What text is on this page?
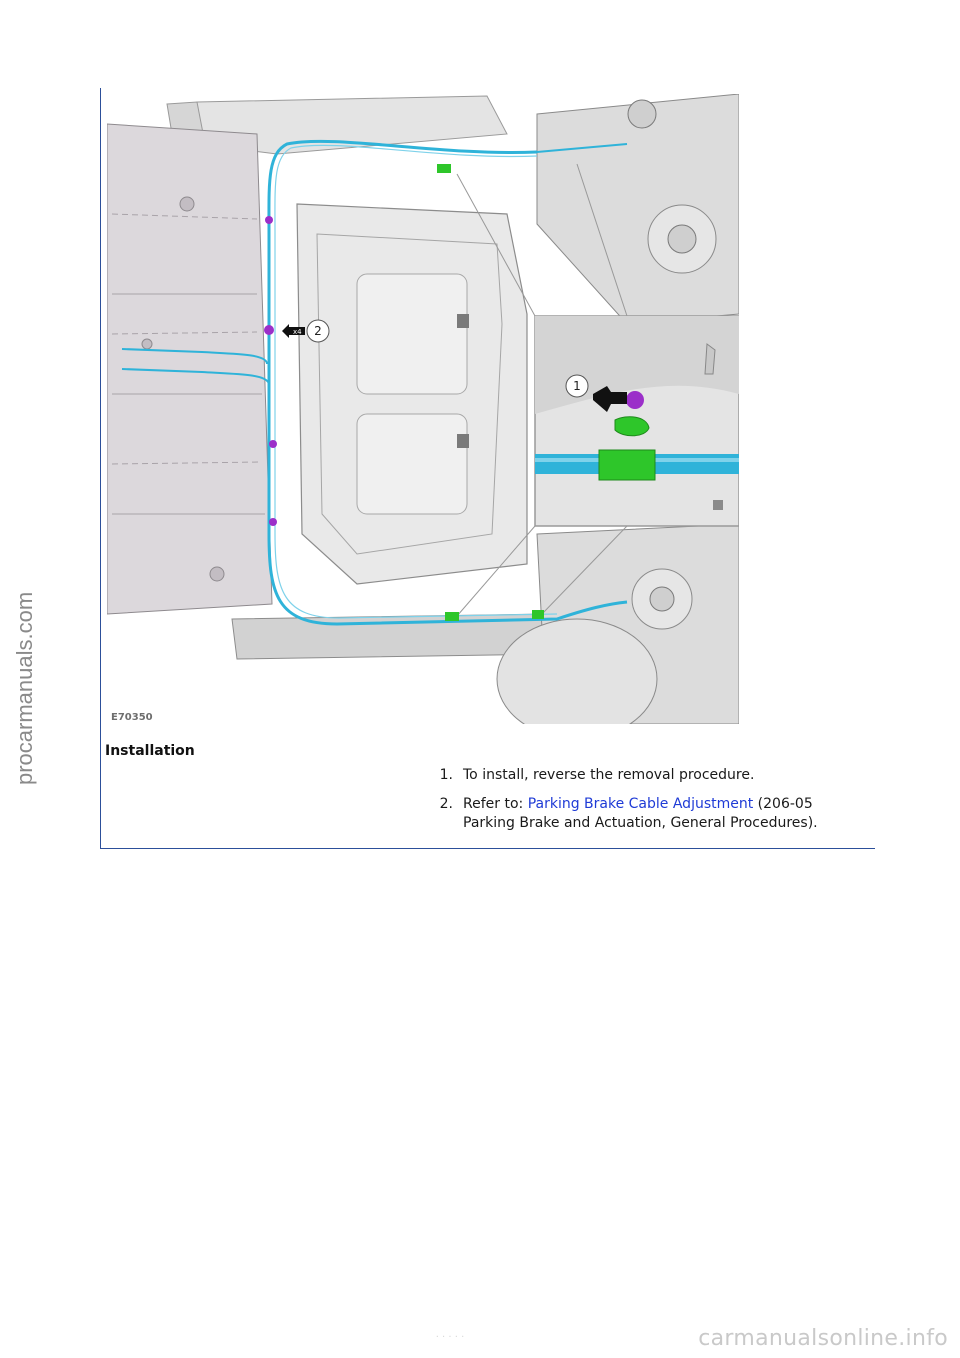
procarmanuals.com
x4 2
1
E70350
Installation
1. To install, reverse the removal procedure.
2. Refer to: Parking Brake Cable Adjustment (206-05 Parking Brake and Actuation, General Procedures).
· · · · ·	carmanualsonline.info
